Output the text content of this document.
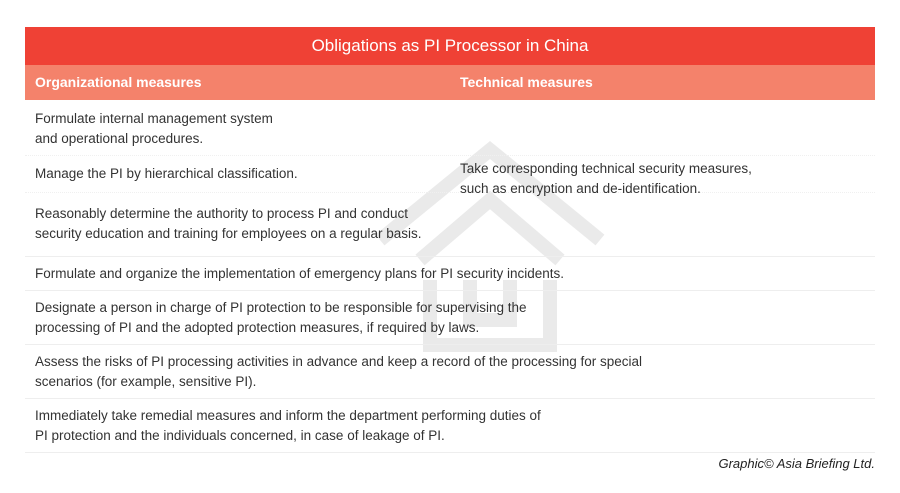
Obligations as PI Processor in China
Organizational measures	Technical measures
Formulate internal management system
and operational procedures.
Manage the PI by hierarchical classification.
Reasonably determine the authority to process PI and conduct
security education and training for employees on a regular basis.
Formulate and organize the implementation of emergency plans for PI security incidents.
Designate a person in charge of PI protection to be responsible for supervising the
processing of PI and the adopted protection measures, if required by laws.
Assess the risks of PI processing activities in advance and keep a record of the processing for special
scenarios (for example, sensitive PI).
Immediately take remedial measures and inform the department performing duties of
PI protection and the individuals concerned, in case of leakage of PI.
Take corresponding technical security measures,
such as encryption and de-identification.
Graphic© Asia Briefing Ltd.
